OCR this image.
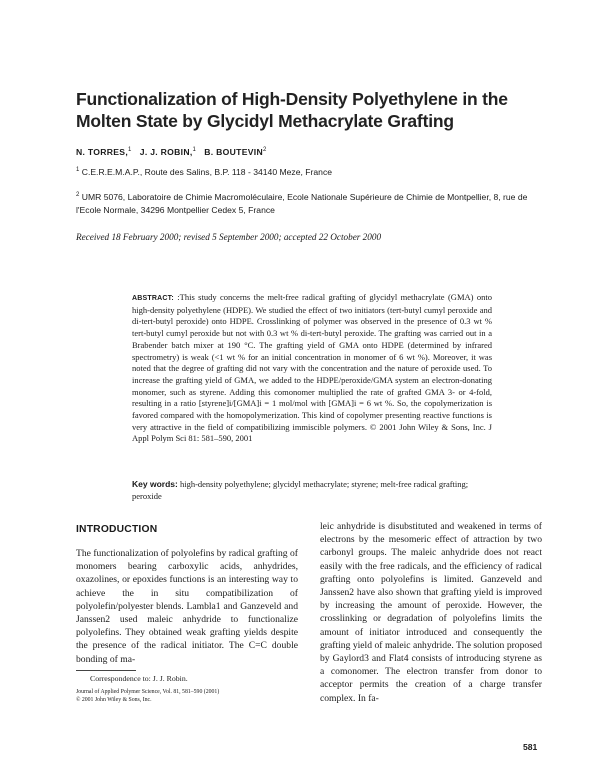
Functionalization of High-Density Polyethylene in the Molten State by Glycidyl Methacrylate Grafting
N. TORRES,$^1$ J. J. ROBIN,$^1$ B. BOUTEVIN$^2$
$^1$ C.E.R.E.M.A.P., Route des Salins, B.P. 118 - 34140 Meze, France
$^2$ UMR 5076, Laboratoire de Chimie Macromoléculaire, Ecole Nationale Supérieure de Chimie de Montpellier, 8, rue de l'Ecole Normale, 34296 Montpellier Cedex 5, France
Received 18 February 2000; revised 5 September 2000; accepted 22 October 2000
ABSTRACT: :This study concerns the melt-free radical grafting of glycidyl methacrylate (GMA) onto high-density polyethylene (HDPE). We studied the effect of two initiators (tert-butyl cumyl peroxide and di-tert-butyl peroxide) onto HDPE. Crosslinking of polymer was observed in the presence of 0.3 wt % tert-butyl cumyl peroxide but not with 0.3 wt % di-tert-butyl peroxide. The grafting was carried out in a Brabender batch mixer at 190 °C. The grafting yield of GMA onto HDPE (determined by infrared spectrometry) is weak (<1 wt % for an initial concentration in monomer of 6 wt %). Moreover, it was noted that the degree of grafting did not vary with the concentration and the nature of peroxide used. To increase the grafting yield of GMA, we added to the HDPE/peroxide/GMA system an electron-donating monomer, such as styrene. Adding this comonomer multiplied the rate of grafted GMA 3- or 4-fold, resulting in a ratio [styrene]i/[GMA]i = 1 mol/mol with [GMA]i = 6 wt %. So, the copolymerization is favored compared with the homopolymerization. This kind of copolymer presenting reactive functions is very attractive in the field of compatibilizing immiscible polymers. © 2001 John Wiley & Sons, Inc. J Appl Polym Sci 81: 581–590, 2001
Key words: high-density polyethylene; glycidyl methacrylate; styrene; melt-free radical grafting; peroxide
INTRODUCTION
The functionalization of polyolefins by radical grafting of monomers bearing carboxylic acids, anhydrides, oxazolines, or epoxides functions is an interesting way to achieve the in situ compatibilization of polyolefin/polyester blends. Lambla1 and Ganzeveld and Janssen2 used maleic anhydride to functionalize polyolefins. They obtained weak grafting yields despite the presence of the radical initiator. The C=C double bonding of ma-
leic anhydride is disubstituted and weakened in terms of electrons by the mesomeric effect of attraction by two carbonyl groups. The maleic anhydride does not react easily with the free radicals, and the efficiency of radical grafting onto polyolefins is limited. Ganzeveld and Janssen2 have also shown that grafting yield is improved by increasing the amount of peroxide. However, the crosslinking or degradation of polyolefins limits the amount of initiator introduced and consequently the grafting yield of maleic anhydride. The solution proposed by Gaylord3 and Flat4 consists of introducing styrene as a comonomer. The electron transfer from donor to acceptor permits the creation of a charge transfer complex. In fa-
Correspondence to: J. J. Robin.
Journal of Applied Polymer Science, Vol. 81, 581–590 (2001)
© 2001 John Wiley & Sons, Inc.
581
